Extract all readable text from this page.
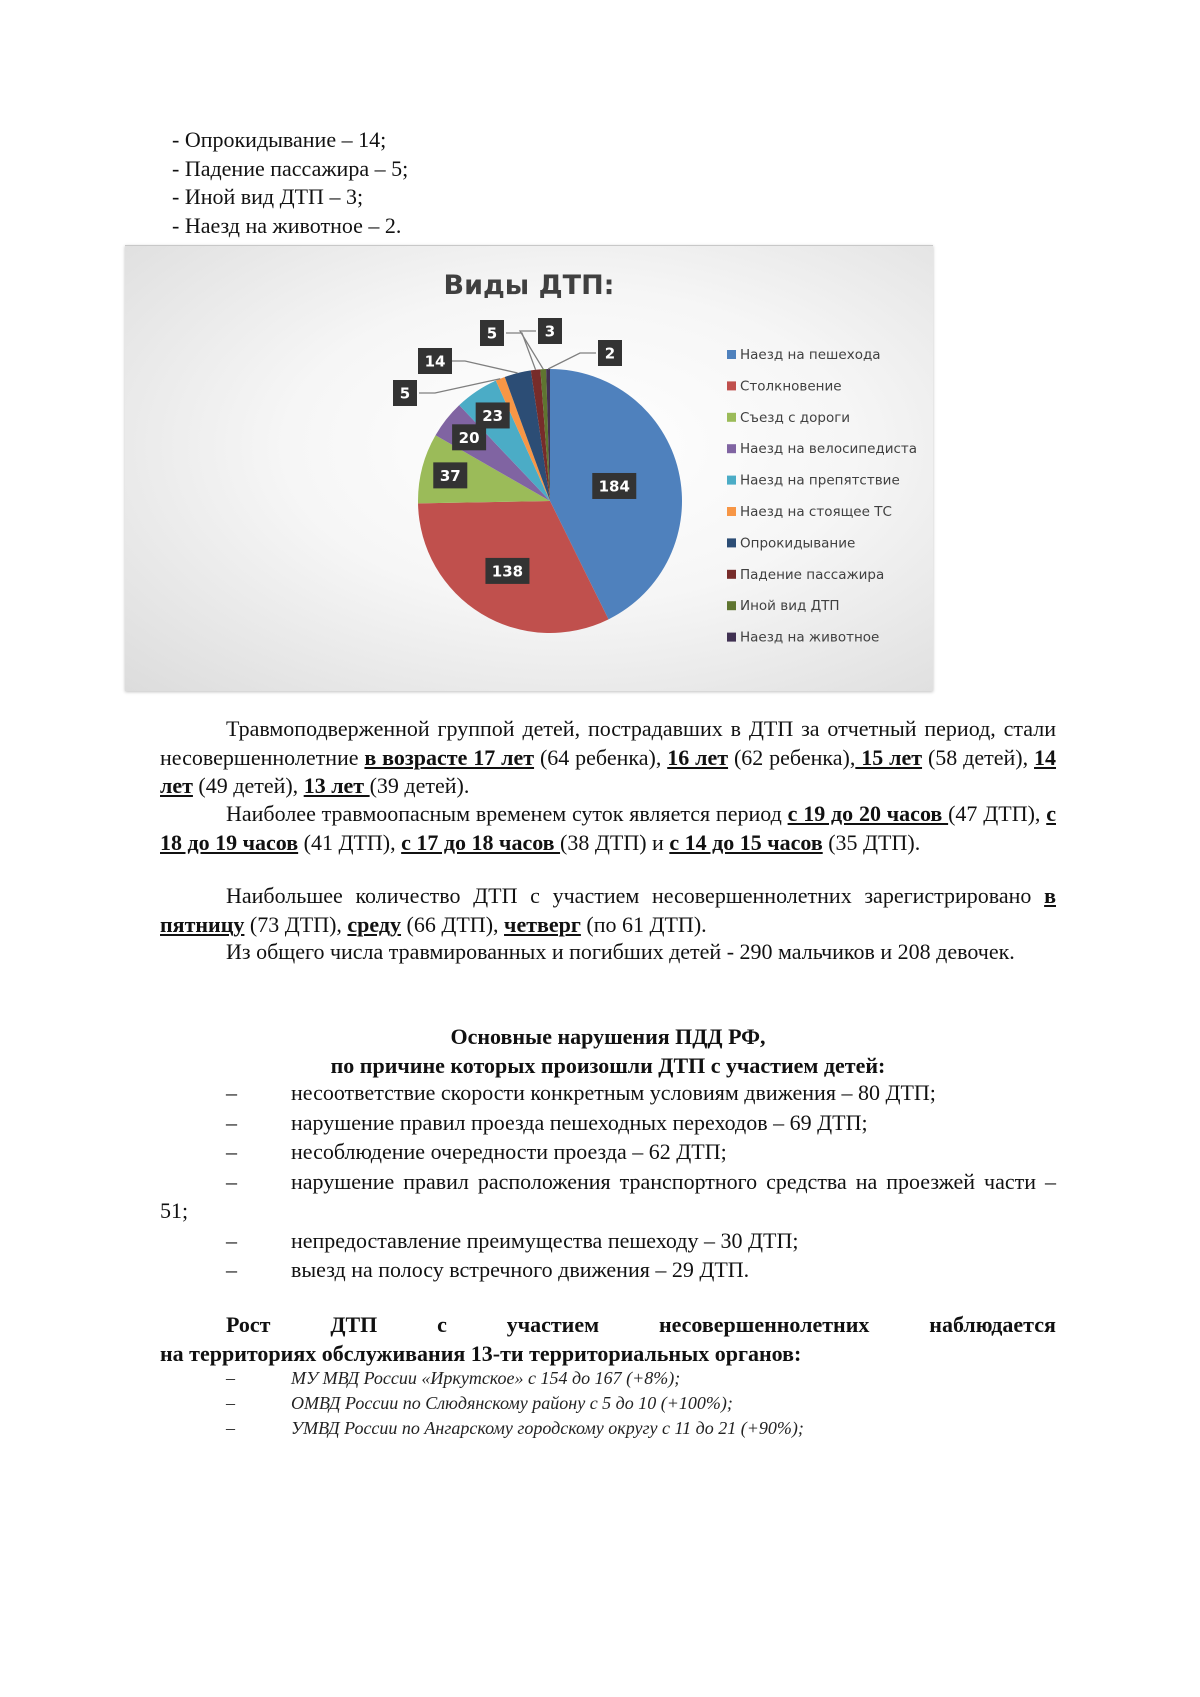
- Опрокидывание – 14;
- Падение пассажира – 5;
- Иной вид ДТП – 3;
- Наезд на животное – 2.
Виды ДТП:
184
138
37
20
23
5
14
5	3
2	Наезд на пешехода
Столкновение
Съезд с дороги
Наезд на велосипедиста
Наезд на препятствие
Наезд на стоящее ТС
Опрокидывание
Падение пассажира
Иной вид ДТП
Наезд на животное
Травмоподверженной группой детей, пострадавших в ДТП за отчетный период, стали несовершеннолетние в возрасте 17 лет (64 ребенка), 16 лет (62 ребенка), 15 лет (58 детей), 14 лет (49 детей), 13 лет (39 детей).
Наиболее травмоопасным временем суток является период с 19 до 20 часов (47 ДТП), с 18 до 19 часов (41 ДТП), с 17 до 18 часов (38 ДТП) и с 14 до 15 часов (35 ДТП).
Наибольшее количество ДТП с участием несовершеннолетних зарегистрировано в пятницу (73 ДТП), среду (66 ДТП), четверг (по 61 ДТП).
Из общего числа травмированных и погибших детей - 290 мальчиков и 208 девочек.
Основные нарушения ПДД РФ,
по причине которых произошли ДТП с участием детей:
– несоответствие скорости конкретным условиям движения – 80 ДТП;
– нарушение правил проезда пешеходных переходов – 69 ДТП;
– несоблюдение очередности проезда – 62 ДТП;
– нарушение правил расположения транспортного средства на проезжей части – 51;
– непредоставление преимущества пешеходу – 30 ДТП;
– выезд на полосу встречного движения – 29 ДТП.
Рост	ДТП	с	участием	несовершеннолетних	наблюдается
на территориях обслуживания 13-ти территориальных органов:
–	МУ МВД России «Иркутское» с 154 до 167 (+8%);
–	ОМВД России по Слюдянскому району с 5 до 10 (+100%);
–	УМВД России по Ангарскому городскому округу с 11 до 21 (+90%);
